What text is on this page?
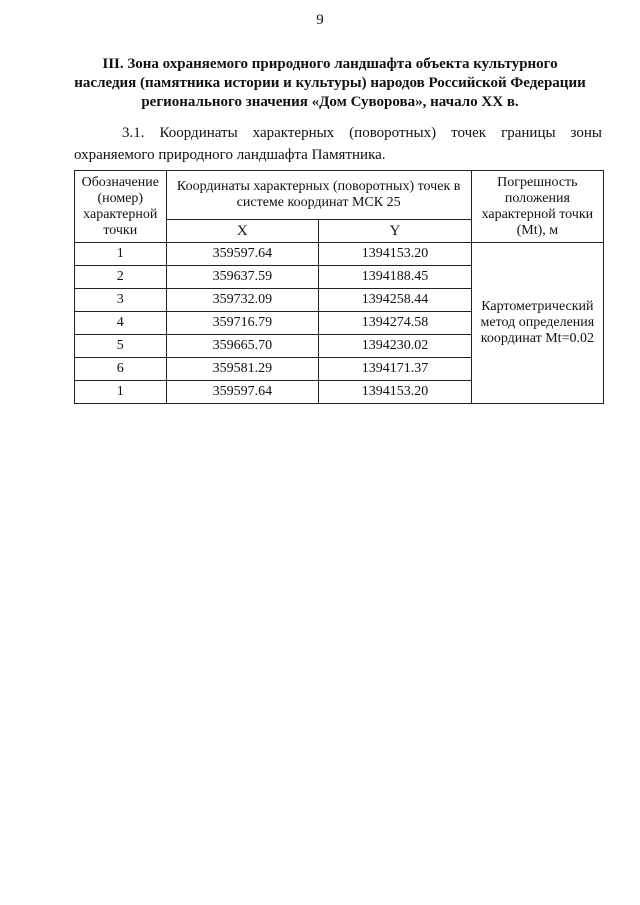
9
III. Зона охраняемого природного ландшафта объекта культурного
наследия (памятника истории и культуры) народов Российской Федерации
регионального значения «Дом Суворова», начало XX в.
3.1. Координаты характерных (поворотных) точек границы зоны
охраняемого природного ландшафта Памятника.
Обозначение (номер) характерной точки	Координаты характерных (поворотных) точек в системе координат МСК 25		Погрешность положения характерной точки (Mt), м
	X	Y	
1	359597.64	1394153.20	Картометрический метод определения координат Mt=0.02
2	359637.59	1394188.45	
3	359732.09	1394258.44	
4	359716.79	1394274.58	
5	359665.70	1394230.02	
6	359581.29	1394171.37	
1	359597.64	1394153.20	
